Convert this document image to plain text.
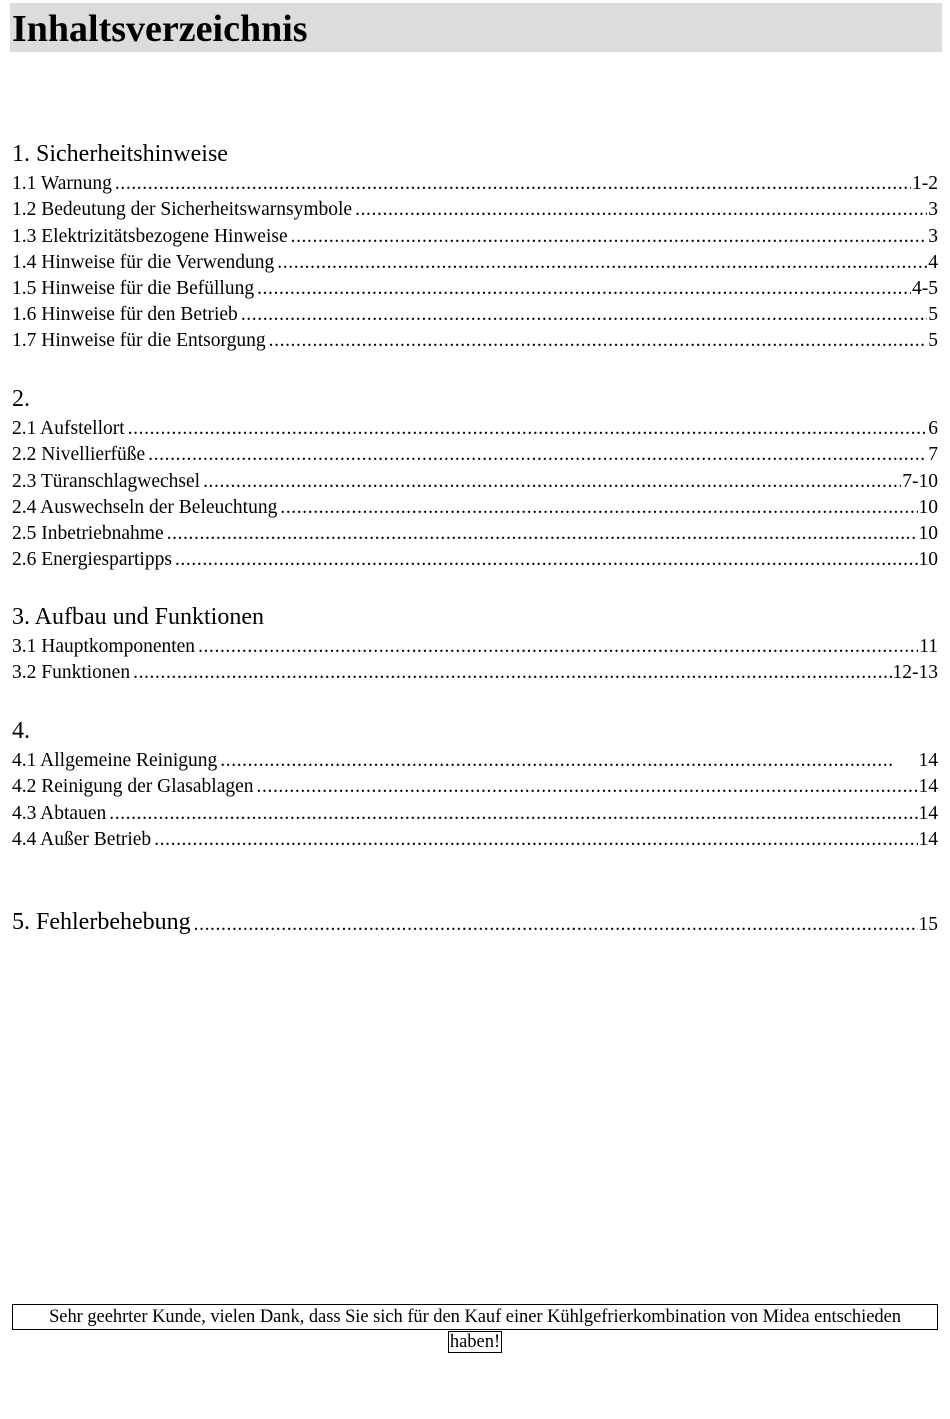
Inhaltsverzeichnis
1. Sicherheitshinweise
1.1 Warnung .....	1-2
1.2 Bedeutung der Sicherheitswarnsymbole .....	3
1.3 Elektrizitätsbezogene Hinweise .....	3
1.4 Hinweise für die Verwendung .....	4
1.5 Hinweise für die Befüllung .....	4-5
1.6 Hinweise für den Betrieb .....	5
1.7 Hinweise für die Entsorgung .....	5
2.
2.1 Aufstellort .....	6
2.2 Nivellierfüße .....	7
2.3 Türanschlagwechsel .....	7-10
2.4 Auswechseln der Beleuchtung .....	10
2.5 Inbetriebnahme .....	10
2.6 Energiespartipps .....	10
3. Aufbau und Funktionen
3.1 Hauptkomponenten .....	11
3.2 Funktionen .....	12-13
4.
4.1 Allgemeine Reinigung .....	14
4.2 Reinigung der Glasablagen .....	14
4.3 Abtauen .....	14
4.4 Außer Betrieb .....	14
5. Fehlerbehebung .....	15
Sehr geehrter Kunde, vielen Dank, dass Sie sich für den Kauf einer Kühlgefrierkombination von Midea entschieden
haben!
